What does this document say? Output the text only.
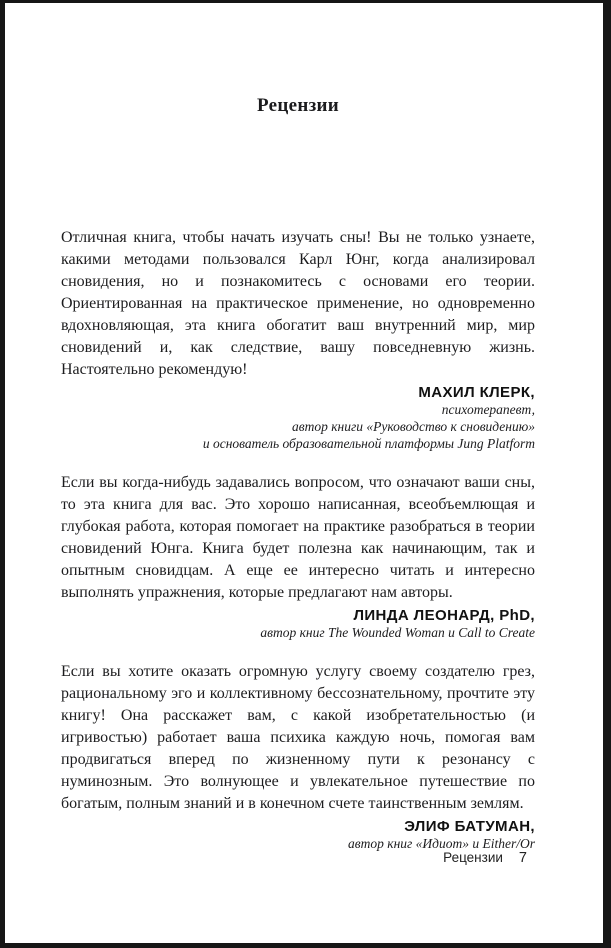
Рецензии

Отличная книга, чтобы начать изучать сны! Вы не только узнаете, какими методами пользовался Карл Юнг, когда анализировал сновидения, но и познакомитесь с основами его теории. Ориентированная на практическое применение, но одновременно вдохновляющая, эта книга обогатит ваш внутренний мир, мир сновидений и, как следствие, вашу повседневную жизнь. Настоятельно рекомендую!

МАХИЛ КЛЕРК,
психотерапевт,
автор книги «Руководство к сновидению»
и основатель образовательной платформы Jung Platform

Если вы когда-нибудь задавались вопросом, что означают ваши сны, то эта книга для вас. Это хорошо написанная, всеобъемлющая и глубокая работа, которая помогает на практике разобраться в теории сновидений Юнга. Книга будет полезна как начинающим, так и опытным сновидцам. А еще ее интересно читать и интересно выполнять упражнения, которые предлагают нам авторы.

ЛИНДА ЛЕОНАРД, PhD,
автор книг The Wounded Woman и Call to Create

Если вы хотите оказать огромную услугу своему создателю грез, рациональному эго и коллективному бессознательному, прочтите эту книгу! Она расскажет вам, с какой изобретательностью (и игривостью) работает ваша психика каждую ночь, помогая вам продвигаться вперед по жизненному пути к резонансу с нуминозным. Это волнующее и увлекательное путешествие по богатым, полным знаний и в конечном счете таинственным землям.

ЭЛИФ БАТУМАН,
автор книг «Идиот» и Either/Or
Рецензии 7
